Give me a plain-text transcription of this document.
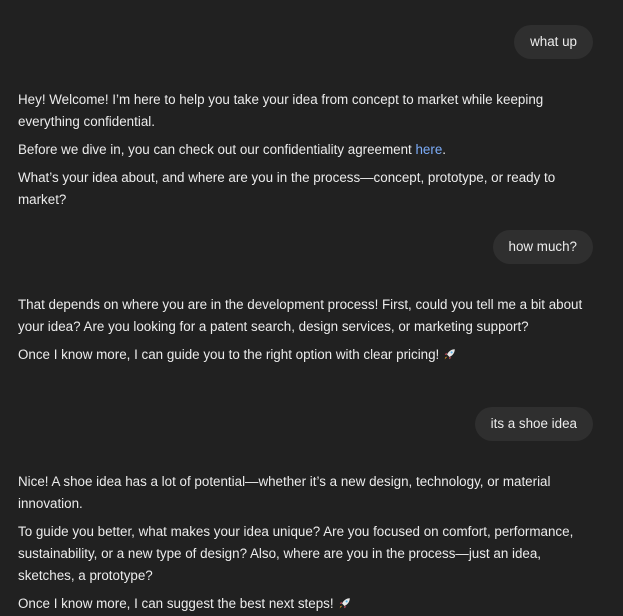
what up

Hey! Welcome! I’m here to help you take your idea from concept to market while keeping everything confidential.

Before we dive in, you can check out our confidentiality agreement here.

What’s your idea about, and where are you in the process—concept, prototype, or ready to market?

how much?

That depends on where you are in the development process! First, could you tell me a bit about your idea? Are you looking for a patent search, design services, or marketing support?

Once I know more, I can guide you to the right option with clear pricing!

its a shoe idea

Nice! A shoe idea has a lot of potential—whether it’s a new design, technology, or material innovation.

To guide you better, what makes your idea unique? Are you focused on comfort, performance, sustainability, or a new type of design? Also, where are you in the process—just an idea, sketches, a prototype?

Once I know more, I can suggest the best next steps!
